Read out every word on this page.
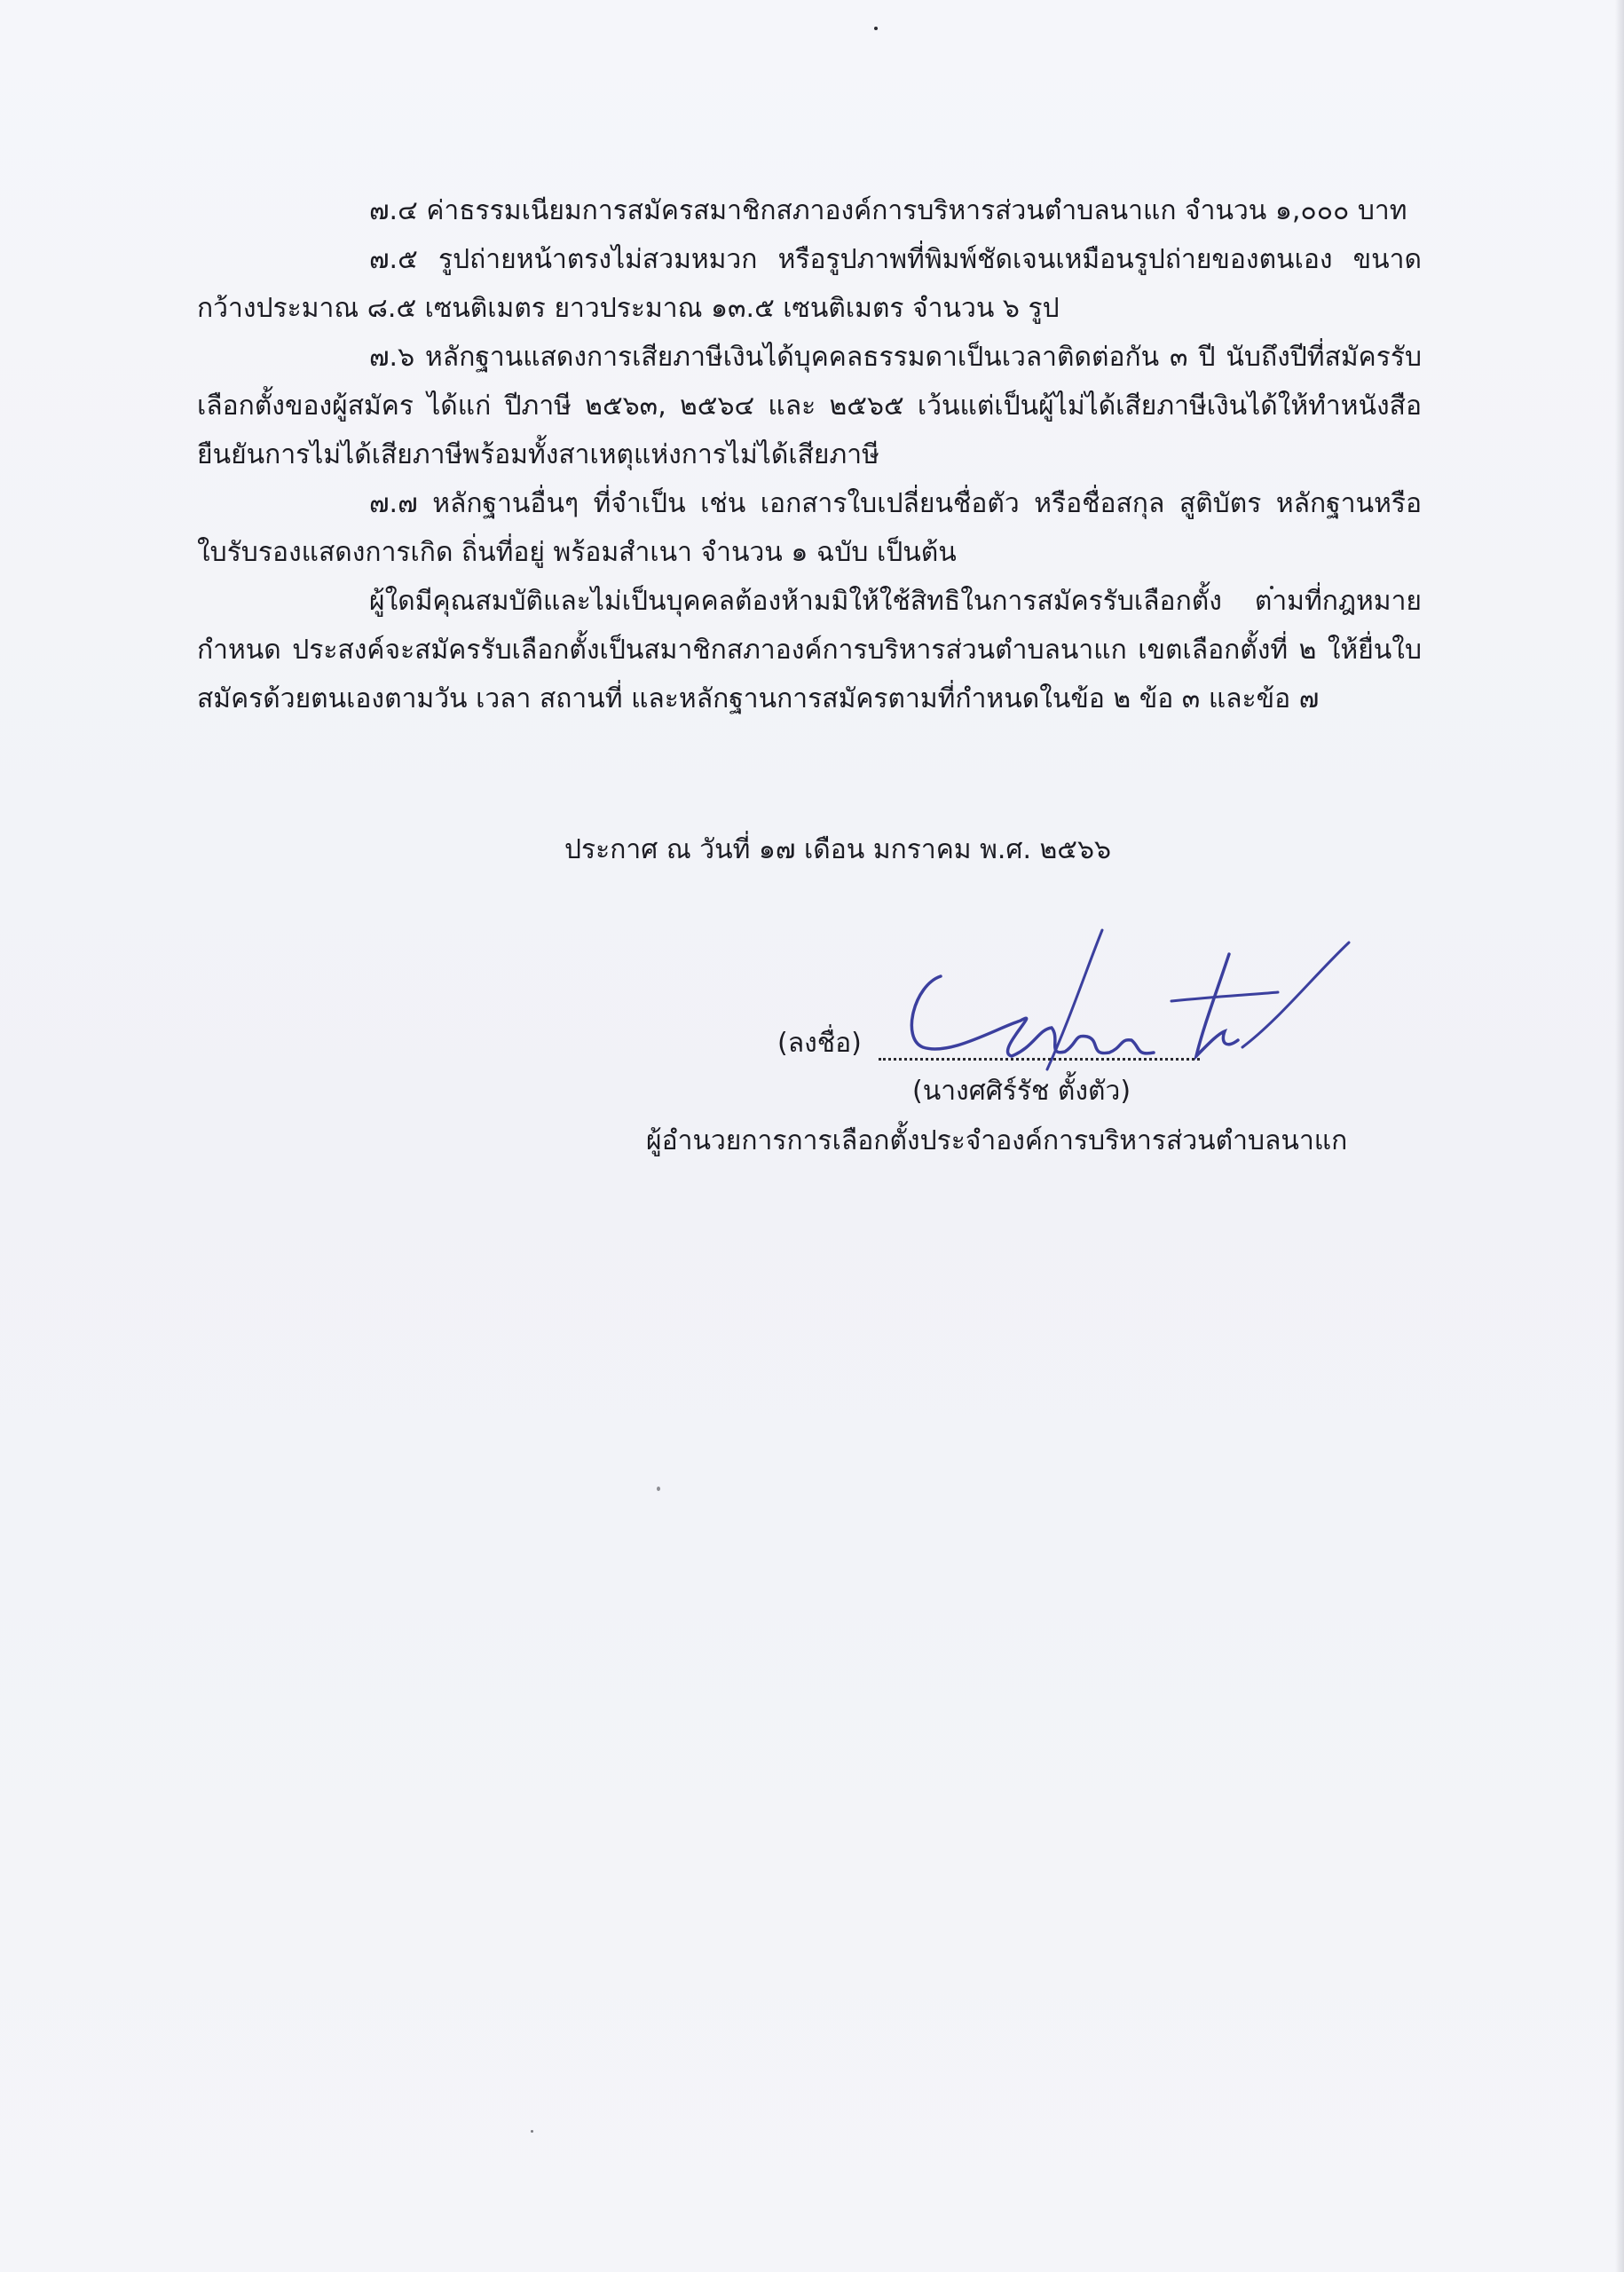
๗.๔ ค่าธรรมเนียมการสมัครสมาชิกสภาองค์การบริหารส่วนตำบลนาแก จำนวน ๑,๐๐๐ บาท

๗.๕ รูปถ่ายหน้าตรงไม่สวมหมวก หรือรูปภาพที่พิมพ์ชัดเจนเหมือนรูปถ่ายของตนเอง ขนาดกว้างประมาณ ๘.๕ เซนติเมตร ยาวประมาณ ๑๓.๕ เซนติเมตร จำนวน ๖ รูป

๗.๖ หลักฐานแสดงการเสียภาษีเงินได้บุคคลธรรมดาเป็นเวลาติดต่อกัน ๓ ปี นับถึงปีที่สมัครรับเลือกตั้งของผู้สมัคร ได้แก่ ปีภาษี ๒๕๖๓, ๒๕๖๔ และ ๒๕๖๕ เว้นแต่เป็นผู้ไม่ได้เสียภาษีเงินได้ให้ทำหนังสือยืนยันการไม่ได้เสียภาษีพร้อมทั้งสาเหตุแห่งการไม่ได้เสียภาษี

๗.๗ หลักฐานอื่นๆ ที่จำเป็น เช่น เอกสารใบเปลี่ยนชื่อตัว หรือชื่อสกุล สูติบัตร หลักฐานหรือใบรับรองแสดงการเกิด ถิ่นที่อยู่ พร้อมสำเนา จำนวน ๑ ฉบับ เป็นต้น

ผู้ใดมีคุณสมบัติและไม่เป็นบุคคลต้องห้ามมิให้ใช้สิทธิในการสมัครรับเลือกตั้ง ตามที่กฎหมายกำหนด ประสงค์จะสมัครรับเลือกตั้งเป็นสมาชิกสภาองค์การบริหารส่วนตำบลนาแก เขตเลือกตั้งที่ ๒ ให้ยื่นใบสมัครด้วยตนเองตามวัน เวลา สถานที่ และหลักฐานการสมัครตามที่กำหนดในข้อ ๒ ข้อ ๓ และข้อ ๗

ประกาศ ณ วันที่ ๑๗ เดือน มกราคม พ.ศ. ๒๕๖๖
(ลงชื่อ)
(นางศศิร์รัช ตั้งตัว)
ผู้อำนวยการการเลือกตั้งประจำองค์การบริหารส่วนตำบลนาแก
